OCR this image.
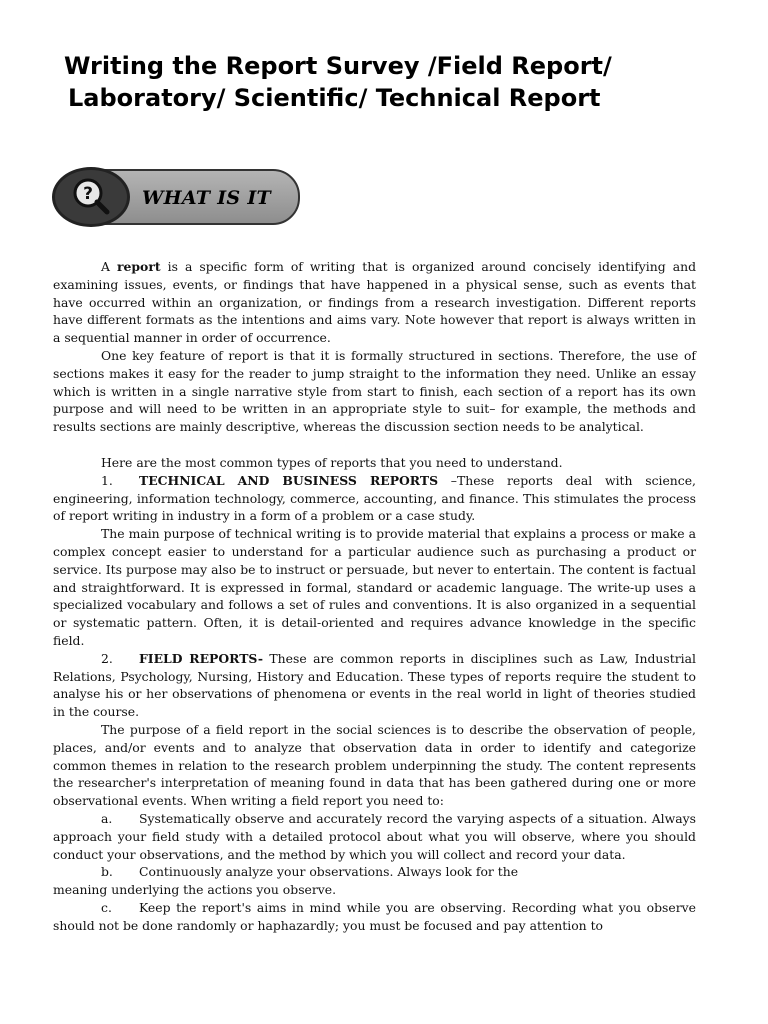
Writing the Report Survey /Field Report/
Laboratory/ Scientific/ Technical Report
WHAT IS IT
?

A report is a specific form of writing that is organized around concisely identifying and examining issues, events, or findings that have happened in a physical sense, such as events that have occurred within an organization, or findings from a research investigation. Different reports have different formats as the intentions and aims vary. Note however that report is always written in a sequential manner in order of occurrence.

One key feature of report is that it is formally structured in sections. Therefore, the use of sections makes it easy for the reader to jump straight to the information they need. Unlike an essay which is written in a single narrative style from start to finish, each section of a report has its own purpose and will need to be written in an appropriate style to suit– for example, the methods and results sections are mainly descriptive, whereas the discussion section needs to be analytical.

Here are the most common types of reports that you need to understand.

1. TECHNICAL AND BUSINESS REPORTS –These reports deal with science, engineering, information technology, commerce, accounting, and finance. This stimulates the process of report writing in industry in a form of a problem or a case study.

The main purpose of technical writing is to provide material that explains a process or make a complex concept easier to understand for a particular audience such as purchasing a product or service. Its purpose may also be to instruct or persuade, but never to entertain. The content is factual and straightforward. It is expressed in formal, standard or academic language. The write-up uses a specialized vocabulary and follows a set of rules and conventions. It is also organized in a sequential or systematic pattern. Often, it is detail-oriented and requires advance knowledge in the specific field.

2. FIELD REPORTS- These are common reports in disciplines such as Law, Industrial Relations, Psychology, Nursing, History and Education. These types of reports require the student to analyse his or her observations of phenomena or events in the real world in light of theories studied in the course.

The purpose of a field report in the social sciences is to describe the observation of people, places, and/or events and to analyze that observation data in order to identify and categorize common themes in relation to the research problem underpinning the study. The content represents the researcher's interpretation of meaning found in data that has been gathered during one or more observational events. When writing a field report you need to:

a. Systematically observe and accurately record the varying aspects of a situation. Always approach your field study with a detailed protocol about what you will observe, where you should conduct your observations, and the method by which you will collect and record your data.

b. Continuously analyze your observations. Always look for the

meaning underlying the actions you observe.

c. Keep the report's aims in mind while you are observing. Recording what you observe should not be done randomly or haphazardly; you must be focused and pay attention to
